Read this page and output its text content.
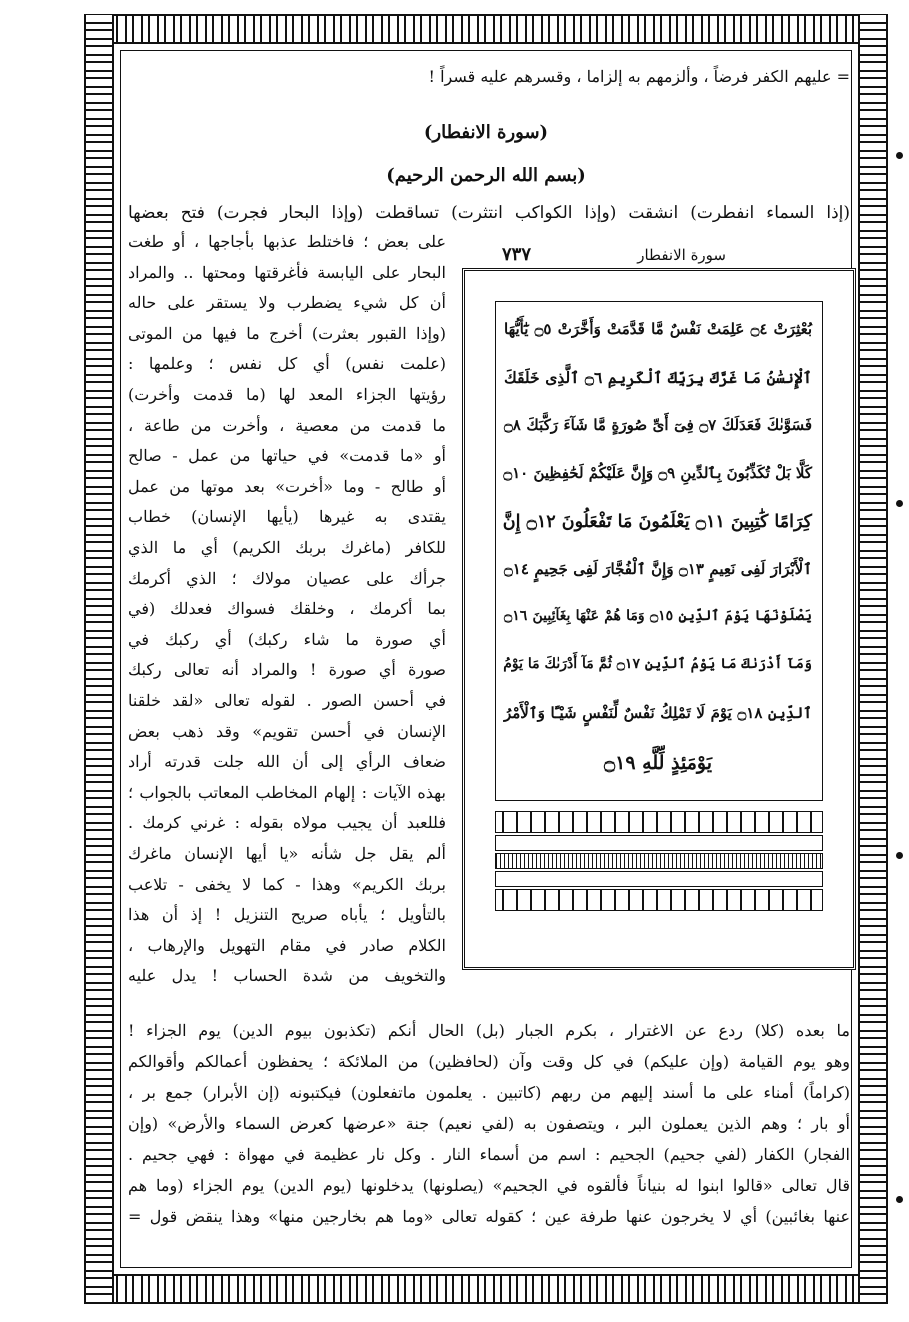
= عليهم الكفر فرضاً ، وألزمهم به إلزاما ، وقسرهم عليه قسراً !
(سورة الانفطار)
(بسم الله الرحمن الرحيم)
(إذا السماء انفطرت) انشقت (وإذا الكواكب انتثرت) تساقطت (وإذا البحار فجرت) فتح بعضها
على بعض ؛ فاختلط عذبها بأجاجها ، أو طغت
البحار على اليابسة فأغرقتها ومحتها .. والمراد
أن كل شيء يضطرب ولا يستقر على حاله
(وإذا القبور بعثرت) أخرج ما فيها من الموتى
(علمت نفس) أي كل نفس ؛ وعلمها :
رؤيتها الجزاء المعد لها (ما قدمت وأخرت)
ما قدمت من معصية ، وأخرت من طاعة ،
أو «ما قدمت» في حياتها من عمل - صالح
أو طالح - وما «أخرت» بعد موتها من عمل
يقتدى به غيرها (يأيها الإنسان) خطاب
للكافر (ماغرك بربك الكريم) أي ما الذي
جرأك على عصيان مولاك ؛ الذي أكرمك
بما أكرمك ، وخلقك فسواك فعدلك (في
أي صورة ما شاء ركبك) أي ركبك في
صورة أي صورة ! والمراد أنه تعالى ركبك
في أحسن الصور . لقوله تعالى «لقد خلقنا
الإنسان في أحسن تقويم» وقد ذهب بعض
ضعاف الرأي إلى أن الله جلت قدرته أراد
بهذه الآيات : إلهام المخاطب المعاتب بالجواب ؛
فللعبد أن يجيب مولاه بقوله : غرني كرمك .
ألم يقل جل شأنه «يا أيها الإنسان ماغرك
بربك الكريم» وهذا - كما لا يخفى - تلاعب
بالتأويل ؛ يأباه صريح التنزيل ! إذ أن هذا
الكلام صادر في مقام التهويل والإرهاب ،
والتخويف من شدة الحساب ! يدل عليه
سورة الانفطار
٧٣٧
بُعْثِرَتْ ۝٤ عَلِمَتْ نَفْسٌ مَّا قَدَّمَتْ وَأَخَّرَتْ ۝٥ يَٰٓأَيُّهَا
ٱلْإِنسَٰنُ مَا غَرَّكَ بِرَبِّكَ ٱلْكَرِيمِ ۝٦ ٱلَّذِى خَلَقَكَ
فَسَوَّىٰكَ فَعَدَلَكَ ۝٧ فِىٓ أَىِّ صُورَةٍ مَّا شَآءَ رَكَّبَكَ ۝٨
كَلَّا بَلْ تُكَذِّبُونَ بِٱلدِّينِ ۝٩ وَإِنَّ عَلَيْكُمْ لَحَٰفِظِينَ ۝١٠
كِرَامًا كَٰتِبِينَ ۝١١ يَعْلَمُونَ مَا تَفْعَلُونَ ۝١٢ إِنَّ
ٱلْأَبْرَارَ لَفِى نَعِيمٍ ۝١٣ وَإِنَّ ٱلْفُجَّارَ لَفِى جَحِيمٍ ۝١٤
يَصْلَوْنَهَا يَوْمَ ٱلدِّينِ ۝١٥ وَمَا هُمْ عَنْهَا بِغَآئِبِينَ ۝١٦
وَمَآ أَدْرَىٰكَ مَا يَوْمُ ٱلدِّينِ ۝١٧ ثُمَّ مَآ أَدْرَىٰكَ مَا يَوْمُ
ٱلدِّينِ ۝١٨ يَوْمَ لَا تَمْلِكُ نَفْسٌ لِّنَفْسٍ شَيْـًٔا وَٱلْأَمْرُ
يَوْمَئِذٍ لِّلَّهِ ۝١٩
ما بعده (كلا) ردع عن الاغترار ، بكرم الجبار (بل) الحال أنكم (تكذبون بيوم الدين) يوم الجزاء !
وهو يوم القيامة (وإن عليكم) في كل وقت وآن (لحافظين) من الملائكة ؛ يحفظون أعمالكم وأقوالكم
(كراماً) أمناء على ما أسند إليهم من ربهم (كاتبين . يعلمون ماتفعلون) فيكتبونه (إن الأبرار) جمع بر ،
أو بار ؛ وهم الذين يعملون البر ، ويتصفون به (لفي نعيم) جنة «عرضها كعرض السماء والأرض» (وإن
الفجار) الكفار (لفي جحيم) الجحيم : اسم من أسماء النار . وكل نار عظيمة في مهواة : فهي جحيم .
قال تعالى «قالوا ابنوا له بنياناً فألقوه في الجحيم» (يصلونها) يدخلونها (يوم الدين) يوم الجزاء (وما هم
عنها بغائبين) أي لا يخرجون عنها طرفة عين ؛ كقوله تعالى «وما هم بخارجين منها» وهذا ينقض قول =
